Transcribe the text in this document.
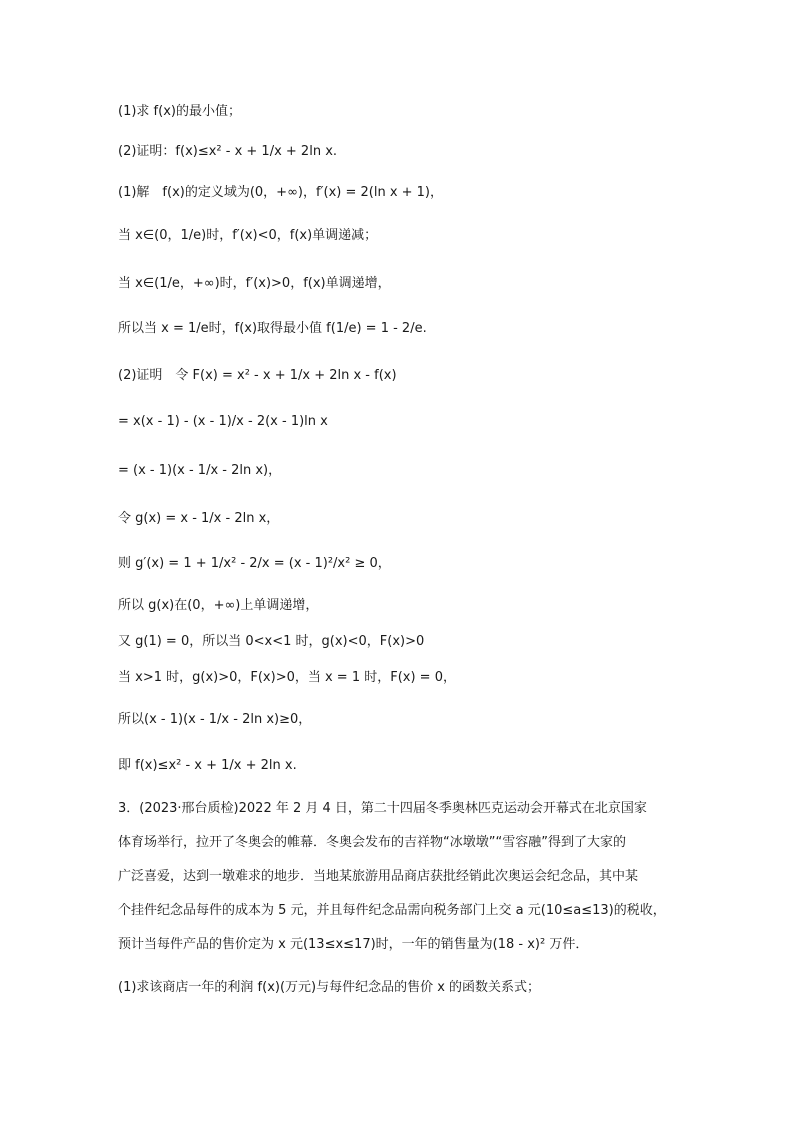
(1)求 f(x)的最小值；
(2)证明：f(x)≤x² - x + 1/x + 2ln x.
(1)解　f(x)的定义域为(0，+∞)，f′(x) = 2(ln x + 1)，
当 x∈(0，1/e)时，f′(x)<0，f(x)单调递减；
当 x∈(1/e，+∞)时，f′(x)>0，f(x)单调递增，
所以当 x = 1/e时，f(x)取得最小值 f(1/e) = 1 - 2/e.
(2)证明　令 F(x) = x² - x + 1/x + 2ln x - f(x)
= x(x - 1) - (x - 1)/x - 2(x - 1)ln x
= (x - 1)(x - 1/x - 2ln x)，
令 g(x) = x - 1/x - 2ln x，
则 g′(x) = 1 + 1/x² - 2/x = (x - 1)²/x² ≥ 0，
所以 g(x)在(0，+∞)上单调递增，
又 g(1) = 0，所以当 0<x<1 时，g(x)<0，F(x)>0
当 x>1 时，g(x)>0，F(x)>0，当 x = 1 时，F(x) = 0，
所以(x - 1)(x - 1/x - 2ln x)≥0，
即 f(x)≤x² - x + 1/x + 2ln x.
3．(2023·邢台质检)2022 年 2 月 4 日，第二十四届冬季奥林匹克运动会开幕式在北京国家
体育场举行，拉开了冬奥会的帷幕．冬奥会发布的吉祥物“冰墩墩”“雪容融”得到了大家的
广泛喜爱，达到一墩难求的地步．当地某旅游用品商店获批经销此次奥运会纪念品，其中某
个挂件纪念品每件的成本为 5 元，并且每件纪念品需向税务部门上交 a 元(10≤a≤13)的税收，
预计当每件产品的售价定为 x 元(13≤x≤17)时，一年的销售量为(18 - x)² 万件．
(1)求该商店一年的利润 f(x)(万元)与每件纪念品的售价 x 的函数关系式；
